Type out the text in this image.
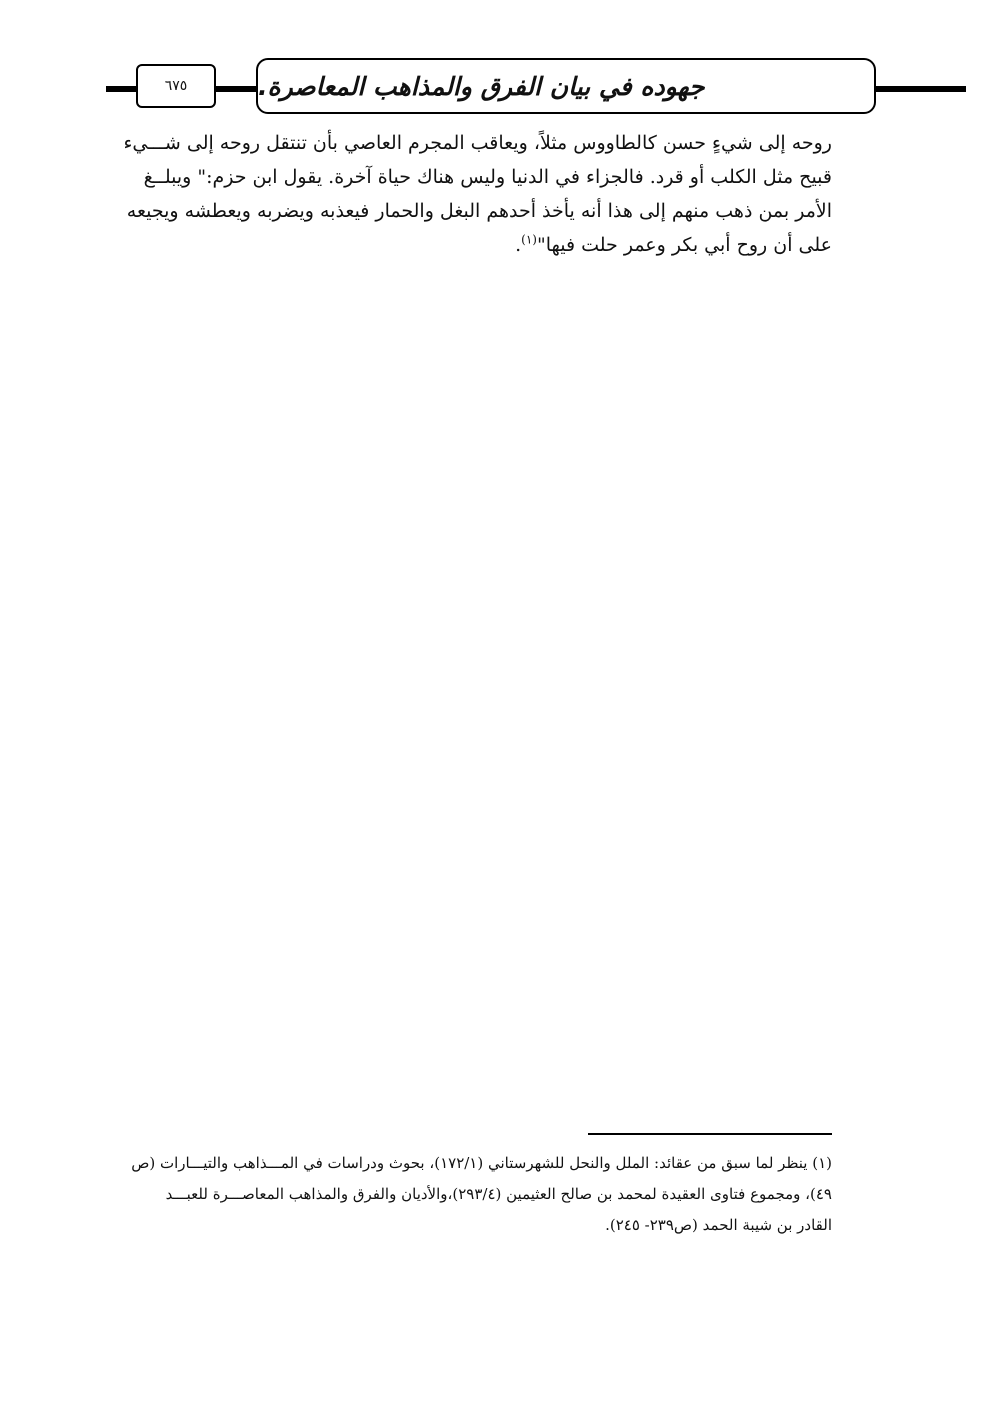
٦٧٥	جهوده في بيان الفرق والمذاهب المعاصرة.
روحه إلى شيءٍ حسن كالطاووس مثلاً، ويعاقب المجرم العاصي بأن تنتقل روحه إلى شـــيء
قبيح مثل الكلب أو قرد. فالجزاء في الدنيا وليس هناك حياة آخرة. يقول ابن حزم:" ويبلــغ
الأمر بمن ذهب منهم إلى هذا أنه يأخذ أحدهم البغل والحمار فيعذبه ويضربه ويعطشه ويجيعه
على أن روح أبي بكر وعمر حلت فيها"$^{(١)}$.

(١) ينظر لما سبق من عقائد: الملل والنحل للشهرستاني (١٧٢/١)، بحوث ودراسات في المـــذاهب والتيـــارات (ص

٤٩)، ومجموع فتاوى العقيدة لمحمد بن صالح العثيمين (٢٩٣/٤)،والأديان والفرق والمذاهب المعاصـــرة للعبـــد

القادر بن شيبة الحمد (ص٢٣٩- ٢٤٥).
